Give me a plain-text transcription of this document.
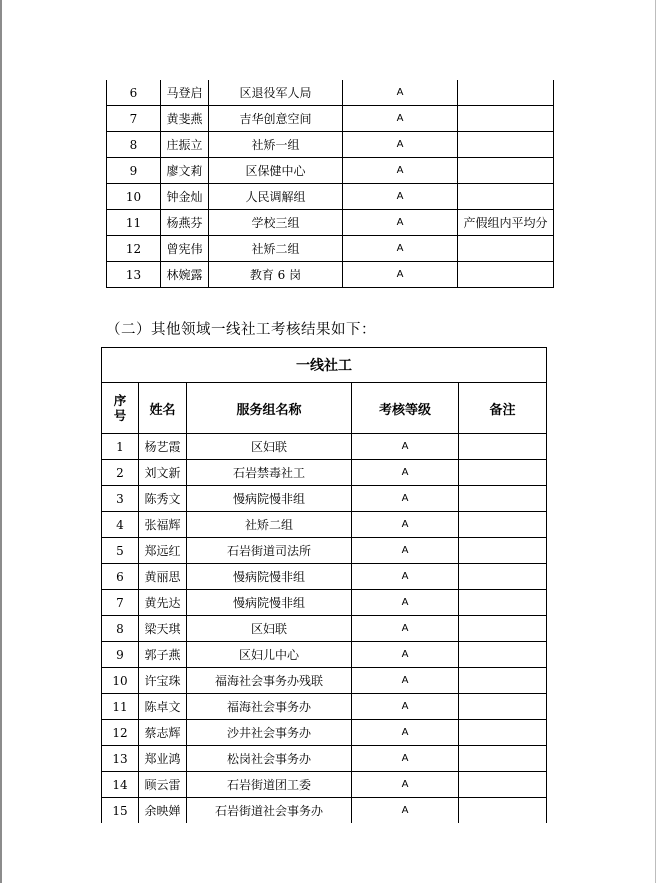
6	马登启	区退役军人局	A	
7	黄斐燕	吉华创意空间	A	
8	庄振立	社矫一组	A	
9	廖文莉	区保健中心	A	
10	钟金灿	人民调解组	A	
11	杨燕芬	学校三组	A	产假组内平均分
12	曾宪伟	社矫二组	A	
13	林婉露	教育 6 岗	A	
（二）其他领域一线社工考核结果如下：
一线社工				
序号	姓名	服务组名称	考核等级	备注
1	杨艺霞	区妇联	A	
2	刘文新	石岩禁毒社工	A	
3	陈秀文	慢病院慢非组	A	
4	张福辉	社矫二组	A	
5	郑远红	石岩街道司法所	A	
6	黄丽思	慢病院慢非组	A	
7	黄先达	慢病院慢非组	A	
8	梁天琪	区妇联	A	
9	郭子燕	区妇儿中心	A	
10	许宝珠	福海社会事务办残联	A	
11	陈卓文	福海社会事务办	A	
12	蔡志辉	沙井社会事务办	A	
13	郑业鸿	松岗社会事务办	A	
14	顾云雷	石岩街道团工委	A	
15	余映婵	石岩街道社会事务办	A	
